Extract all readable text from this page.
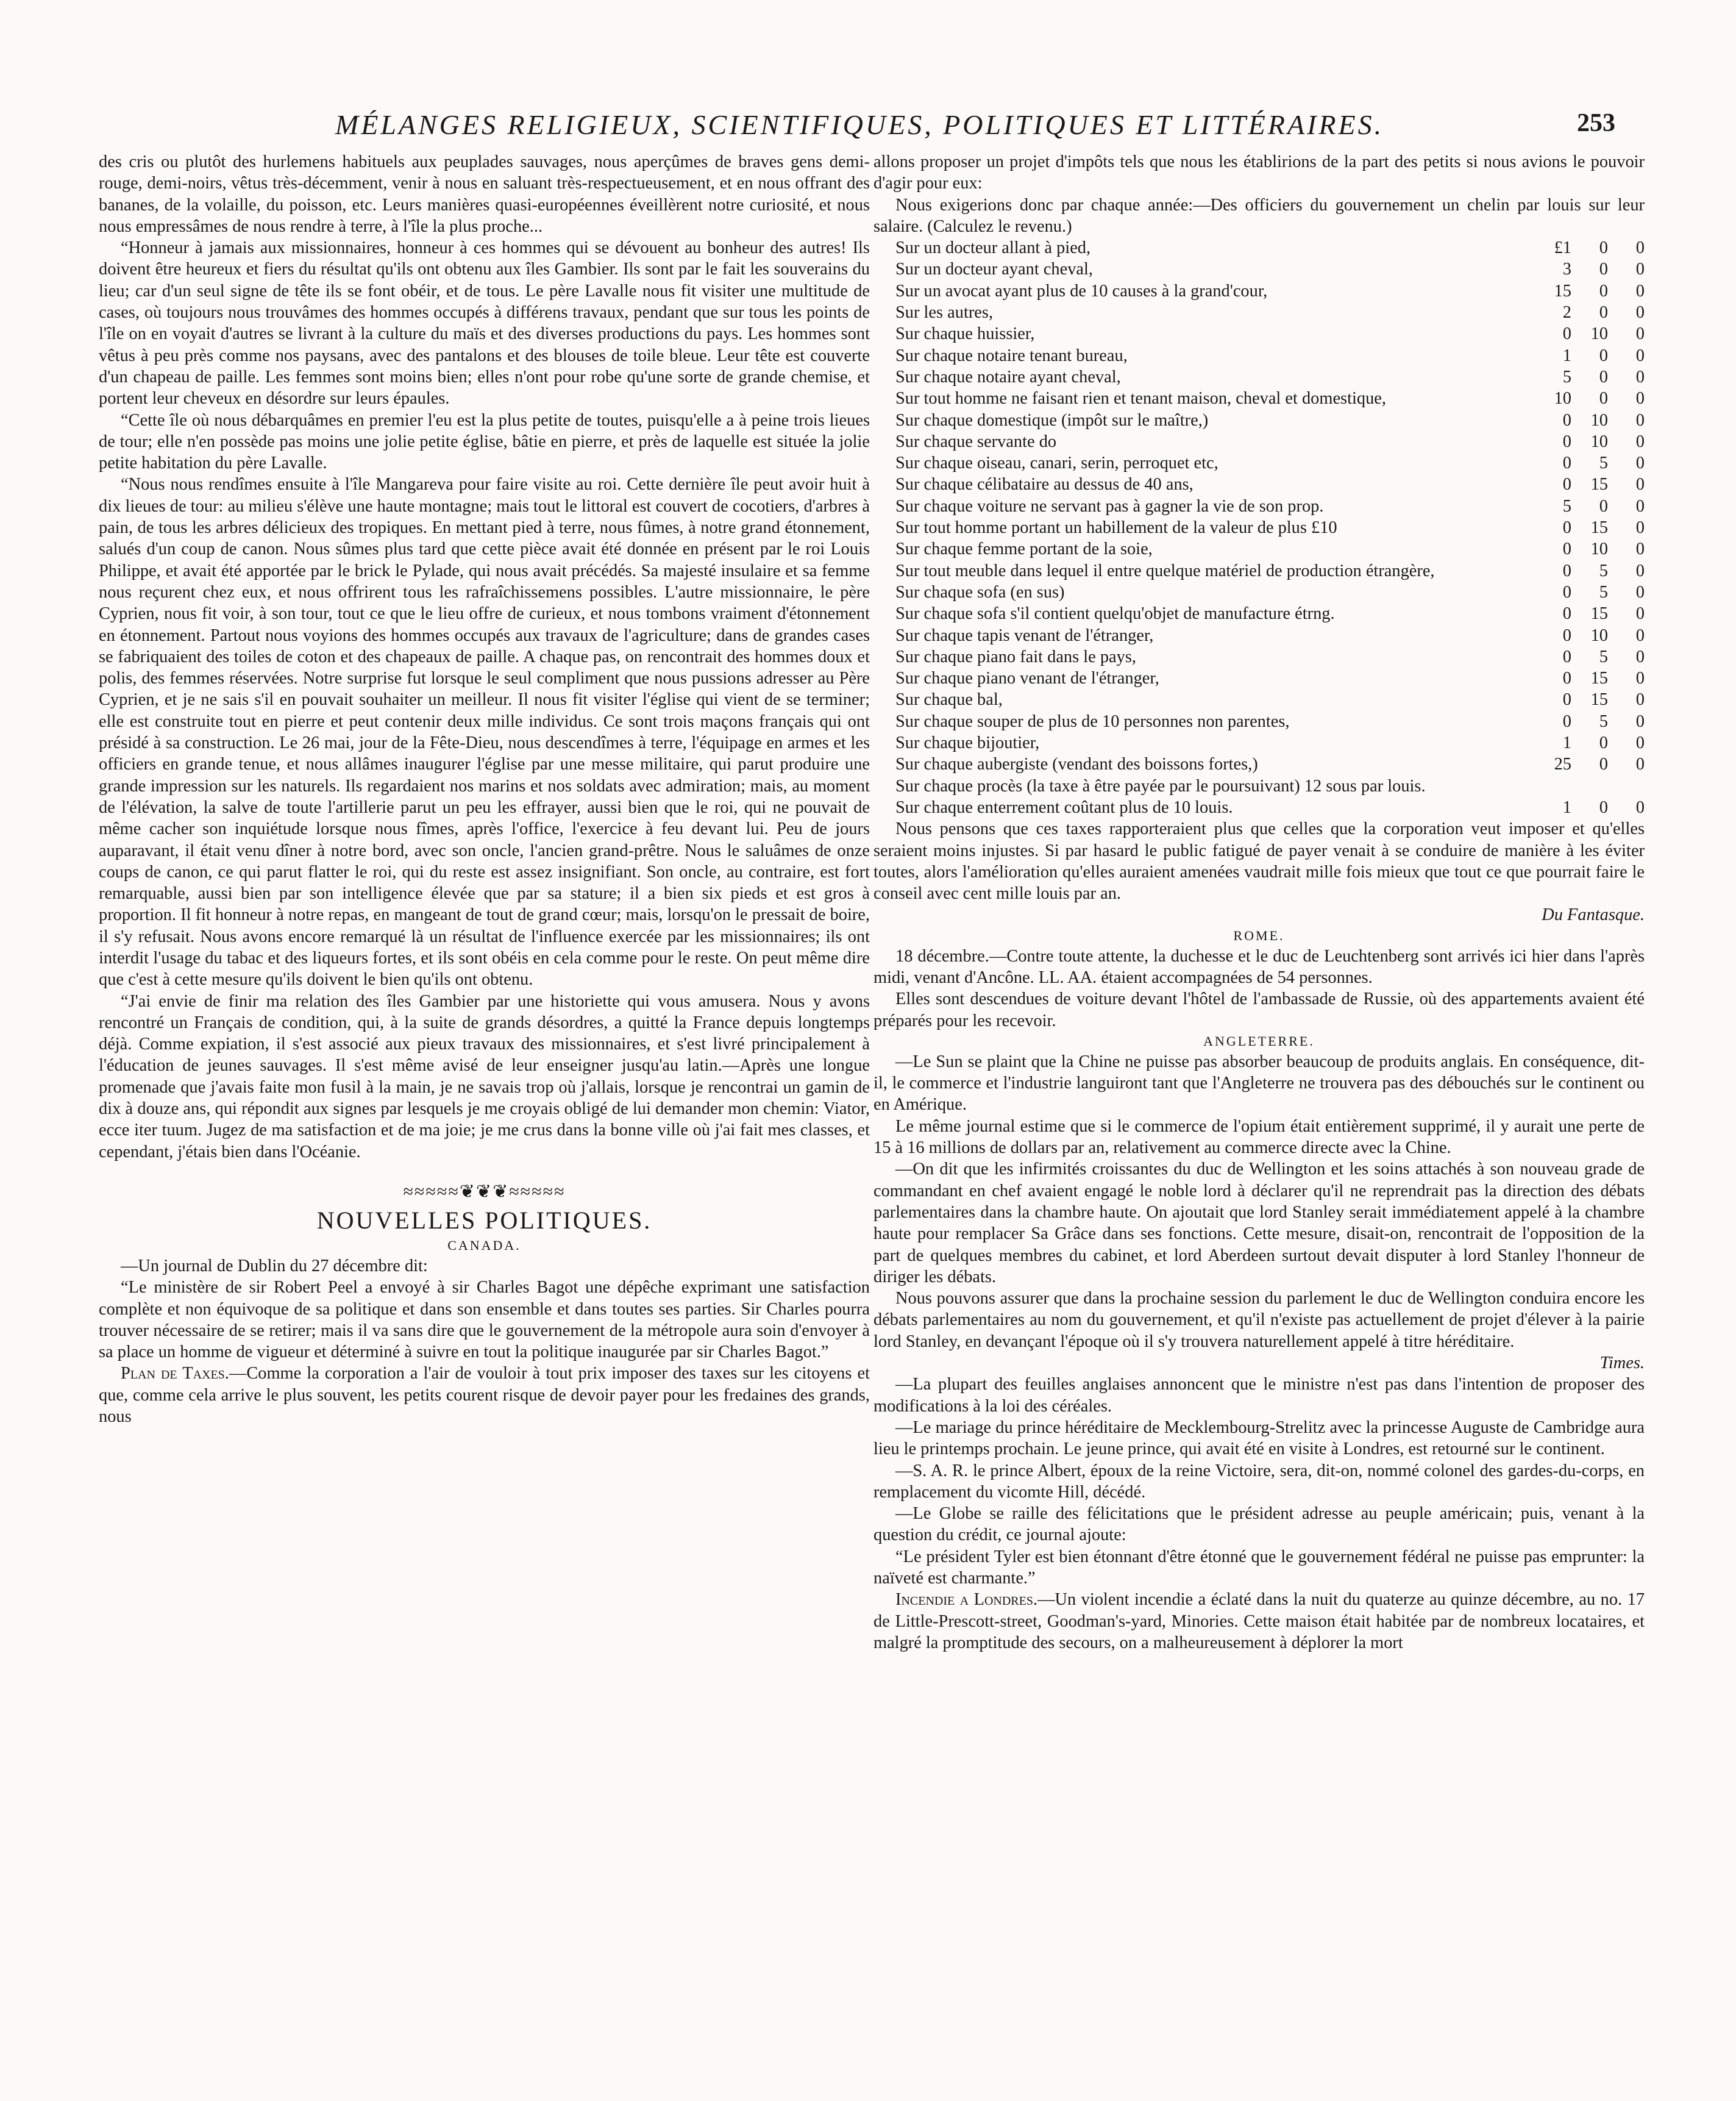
MÉLANGES RELIGIEUX, SCIENTIFIQUES, POLITIQUES ET LITTÉRAIRES.	253

des cris ou plutôt des hurlemens habituels aux peuplades sauvages, nous aperçûmes de braves gens demi-rouge, demi-noirs, vêtus très-décemment, venir à nous en saluant très-respectueusement, et en nous offrant des bananes, de la volaille, du poisson, etc. Leurs manières quasi-européennes éveillèrent notre curiosité, et nous nous empressâmes de nous rendre à terre, à l'île la plus proche...

“Honneur à jamais aux missionnaires, honneur à ces hommes qui se dévouent au bonheur des autres! Ils doivent être heureux et fiers du résultat qu'ils ont obtenu aux îles Gambier. Ils sont par le fait les souverains du lieu; car d'un seul signe de tête ils se font obéir, et de tous. Le père Lavalle nous fit visiter une multitude de cases, où toujours nous trouvâmes des hommes occupés à différens travaux, pendant que sur tous les points de l'île on en voyait d'autres se livrant à la culture du maïs et des diverses productions du pays. Les hommes sont vêtus à peu près comme nos paysans, avec des pantalons et des blouses de toile bleue. Leur tête est couverte d'un chapeau de paille. Les femmes sont moins bien; elles n'ont pour robe qu'une sorte de grande chemise, et portent leur cheveux en désordre sur leurs épaules.

“Cette île où nous débarquâmes en premier l'eu est la plus petite de toutes, puisqu'elle a à peine trois lieues de tour; elle n'en possède pas moins une jolie petite église, bâtie en pierre, et près de laquelle est située la jolie petite habitation du père Lavalle.

“Nous nous rendîmes ensuite à l'île Mangareva pour faire visite au roi. Cette dernière île peut avoir huit à dix lieues de tour: au milieu s'élève une haute montagne; mais tout le littoral est couvert de cocotiers, d'arbres à pain, de tous les arbres délicieux des tropiques. En mettant pied à terre, nous fûmes, à notre grand étonnement, salués d'un coup de canon. Nous sûmes plus tard que cette pièce avait été donnée en présent par le roi Louis Philippe, et avait été apportée par le brick le Pylade, qui nous avait précédés. Sa majesté insulaire et sa femme nous reçurent chez eux, et nous offrirent tous les rafraîchissemens possibles. L'autre missionnaire, le père Cyprien, nous fit voir, à son tour, tout ce que le lieu offre de curieux, et nous tombons vraiment d'étonnement en étonnement. Partout nous voyions des hommes occupés aux travaux de l'agriculture; dans de grandes cases se fabriquaient des toiles de coton et des chapeaux de paille. A chaque pas, on rencontrait des hommes doux et polis, des femmes réservées. Notre surprise fut lorsque le seul compliment que nous pussions adresser au Père Cyprien, et je ne sais s'il en pouvait souhaiter un meilleur. Il nous fit visiter l'église qui vient de se terminer; elle est construite tout en pierre et peut contenir deux mille individus. Ce sont trois maçons français qui ont présidé à sa construction. Le 26 mai, jour de la Fête-Dieu, nous descendîmes à terre, l'équipage en armes et les officiers en grande tenue, et nous allâmes inaugurer l'église par une messe militaire, qui parut produire une grande impression sur les naturels. Ils regardaient nos marins et nos soldats avec admiration; mais, au moment de l'élévation, la salve de toute l'artillerie parut un peu les effrayer, aussi bien que le roi, qui ne pouvait de même cacher son inquiétude lorsque nous fîmes, après l'office, l'exercice à feu devant lui. Peu de jours auparavant, il était venu dîner à notre bord, avec son oncle, l'ancien grand-prêtre. Nous le saluâmes de onze coups de canon, ce qui parut flatter le roi, qui du reste est assez insignifiant. Son oncle, au contraire, est fort remarquable, aussi bien par son intelligence élevée que par sa stature; il a bien six pieds et est gros à proportion. Il fit honneur à notre repas, en mangeant de tout de grand cœur; mais, lorsqu'on le pressait de boire, il s'y refusait. Nous avons encore remarqué là un résultat de l'influence exercée par les missionnaires; ils ont interdit l'usage du tabac et des liqueurs fortes, et ils sont obéis en cela comme pour le reste. On peut même dire que c'est à cette mesure qu'ils doivent le bien qu'ils ont obtenu.

“J'ai envie de finir ma relation des îles Gambier par une historiette qui vous amusera. Nous y avons rencontré un Français de condition, qui, à la suite de grands désordres, a quitté la France depuis longtemps déjà. Comme expiation, il s'est associé aux pieux travaux des missionnaires, et s'est livré principalement à l'éducation de jeunes sauvages. Il s'est même avisé de leur enseigner jusqu'au latin.—Après une longue promenade que j'avais faite mon fusil à la main, je ne savais trop où j'allais, lorsque je rencontrai un gamin de dix à douze ans, qui répondit aux signes par lesquels je me croyais obligé de lui demander mon chemin: Viator, ecce iter tuum. Jugez de ma satisfaction et de ma joie; je me crus dans la bonne ville où j'ai fait mes classes, et cependant, j'étais bien dans l'Océanie.

≈≈≈≈≈❦❦❦≈≈≈≈≈
NOUVELLES POLITIQUES.
CANADA.

—Un journal de Dublin du 27 décembre dit:

“Le ministère de sir Robert Peel a envoyé à sir Charles Bagot une dépêche exprimant une satisfaction complète et non équivoque de sa politique et dans son ensemble et dans toutes ses parties. Sir Charles pourra trouver nécessaire de se retirer; mais il va sans dire que le gouvernement de la métropole aura soin d'envoyer à sa place un homme de vigueur et déterminé à suivre en tout la politique inaugurée par sir Charles Bagot.”

Plan de Taxes.—Comme la corporation a l'air de vouloir à tout prix imposer des taxes sur les citoyens et que, comme cela arrive le plus souvent, les petits courent risque de devoir payer pour les fredaines des grands, nous

allons proposer un projet d'impôts tels que nous les établirions de la part des petits si nous avions le pouvoir d'agir pour eux:

Nous exigerions donc par chaque année:—Des officiers du gouvernement un chelin par louis sur leur salaire. (Calculez le revenu.)

Sur un docteur allant à pied,	£1	0	0
Sur un docteur ayant cheval,	3	0	0
Sur un avocat ayant plus de 10 causes à la grand'cour,	15	0	0
Sur les autres,	2	0	0
Sur chaque huissier,	0	10	0
Sur chaque notaire tenant bureau,	1	0	0
Sur chaque notaire ayant cheval,	5	0	0
Sur tout homme ne faisant rien et tenant maison, cheval et domestique,	10	0	0
Sur chaque domestique (impôt sur le maître,)	0	10	0
Sur chaque servante do	0	10	0
Sur chaque oiseau, canari, serin, perroquet etc,	0	5	0
Sur chaque célibataire au dessus de 40 ans,	0	15	0
Sur chaque voiture ne servant pas à gagner la vie de son prop.	5	0	0
Sur tout homme portant un habillement de la valeur de plus £10	0	15	0
Sur chaque femme portant de la soie,	0	10	0
Sur tout meuble dans lequel il entre quelque matériel de production étrangère,	0	5	0
Sur chaque sofa (en sus)	0	5	0
Sur chaque sofa s'il contient quelqu'objet de manufacture étrng.	0	15	0
Sur chaque tapis venant de l'étranger,	0	10	0
Sur chaque piano fait dans le pays,	0	5	0
Sur chaque piano venant de l'étranger,	0	15	0
Sur chaque bal,	0	15	0
Sur chaque souper de plus de 10 personnes non parentes,	0	5	0
Sur chaque bijoutier,	1	0	0
Sur chaque aubergiste (vendant des boissons fortes,)	25	0	0
Sur chaque procès (la taxe à être payée par le poursuivant) 12 sous par louis.			
Sur chaque enterrement coûtant plus de 10 louis.	1	0	0

Nous pensons que ces taxes rapporteraient plus que celles que la corporation veut imposer et qu'elles seraient moins injustes. Si par hasard le public fatigué de payer venait à se conduire de manière à les éviter toutes, alors l'amélioration qu'elles auraient amenées vaudrait mille fois mieux que tout ce que pourrait faire le conseil avec cent mille louis par an.

Du Fantasque.

ROME.

18 décembre.—Contre toute attente, la duchesse et le duc de Leuchtenberg sont arrivés ici hier dans l'après midi, venant d'Ancône. LL. AA. étaient accompagnées de 54 personnes.

Elles sont descendues de voiture devant l'hôtel de l'ambassade de Russie, où des appartements avaient été préparés pour les recevoir.

ANGLETERRE.

—Le Sun se plaint que la Chine ne puisse pas absorber beaucoup de produits anglais. En conséquence, dit-il, le commerce et l'industrie languiront tant que l'Angleterre ne trouvera pas des débouchés sur le continent ou en Amérique.

Le même journal estime que si le commerce de l'opium était entièrement supprimé, il y aurait une perte de 15 à 16 millions de dollars par an, relativement au commerce directe avec la Chine.

—On dit que les infirmités croissantes du duc de Wellington et les soins attachés à son nouveau grade de commandant en chef avaient engagé le noble lord à déclarer qu'il ne reprendrait pas la direction des débats parlementaires dans la chambre haute. On ajoutait que lord Stanley serait immédiatement appelé à la chambre haute pour remplacer Sa Grâce dans ses fonctions. Cette mesure, disait-on, rencontrait de l'opposition de la part de quelques membres du cabinet, et lord Aberdeen surtout devait disputer à lord Stanley l'honneur de diriger les débats.

Nous pouvons assurer que dans la prochaine session du parlement le duc de Wellington conduira encore les débats parlementaires au nom du gouvernement, et qu'il n'existe pas actuellement de projet d'élever à la pairie lord Stanley, en devançant l'époque où il s'y trouvera naturellement appelé à titre héréditaire.

Times.

—La plupart des feuilles anglaises annoncent que le ministre n'est pas dans l'intention de proposer des modifications à la loi des céréales.

—Le mariage du prince héréditaire de Mecklembourg-Strelitz avec la princesse Auguste de Cambridge aura lieu le printemps prochain. Le jeune prince, qui avait été en visite à Londres, est retourné sur le continent.

—S. A. R. le prince Albert, époux de la reine Victoire, sera, dit-on, nommé colonel des gardes-du-corps, en remplacement du vicomte Hill, décédé.

—Le Globe se raille des félicitations que le président adresse au peuple américain; puis, venant à la question du crédit, ce journal ajoute:

“Le président Tyler est bien étonnant d'être étonné que le gouvernement fédéral ne puisse pas emprunter: la naïveté est charmante.”

Incendie a Londres.—Un violent incendie a éclaté dans la nuit du quaterze au quinze décembre, au no. 17 de Little-Prescott-street, Goodman's-yard, Minories. Cette maison était habitée par de nombreux locataires, et malgré la promptitude des secours, on a malheureusement à déplorer la mort
